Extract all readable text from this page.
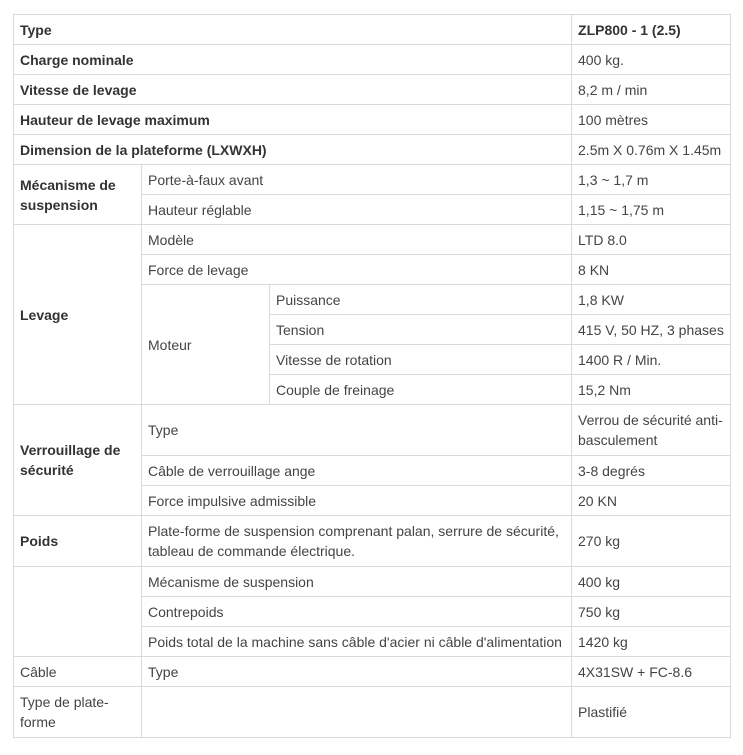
Type			ZLP800 - 1 (2.5)
Charge nominale			400 kg.
Vitesse de levage			8,2 m / min
Hauteur de levage maximum			100 mètres
Dimension de la plateforme (LXWXH)			2.5m X 0.76m X 1.45m
Mécanisme de suspension	Porte-à-faux avant		1,3 ~ 1,7 m
	Hauteur réglable		1,15 ~ 1,75 m
Levage	Modèle		LTD 8.0
	Force de levage		8 KN
	Moteur	Puissance	1,8 KW
		Tension	415 V, 50 HZ, 3 phases
		Vitesse de rotation	1400 R / Min.
		Couple de freinage	15,2 Nm
Verrouillage de sécurité	Type		Verrou de sécurité anti-basculement
	Câble de verrouillage ange		3-8 degrés
	Force impulsive admissible		20 KN
Poids	Plate-forme de suspension comprenant palan, serrure de sécurité, tableau de commande électrique.		270 kg
	Mécanisme de suspension		400 kg
	Contrepoids		750 kg
	Poids total de la machine sans câble d'acier ni câble d'alimentation		1420 kg
Câble	Type		4X31SW + FC-8.6
Type de plate-forme			Plastifié
